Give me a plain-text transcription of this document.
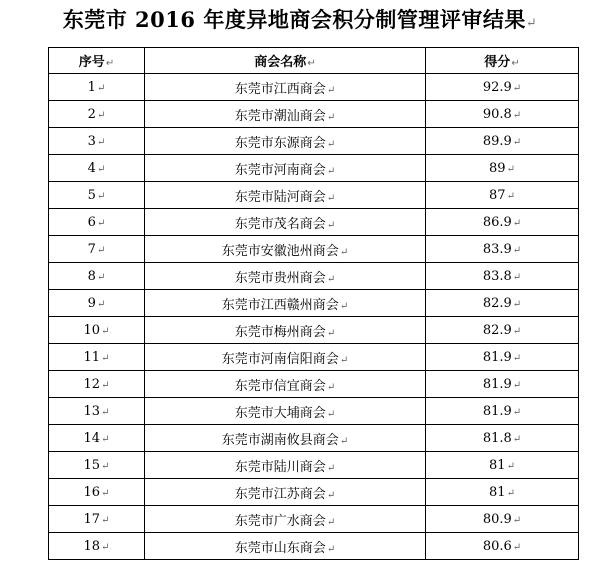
东莞市 2016 年度异地商会积分制管理评审结果↵
序号↵	商会名称↵	得分↵
1↵	东莞市江西商会↵	92.9↵
2↵	东莞市潮汕商会↵	90.8↵
3↵	东莞市东源商会↵	89.9↵
4↵	东莞市河南商会↵	89↵
5↵	东莞市陆河商会↵	87↵
6↵	东莞市茂名商会↵	86.9↵
7↵	东莞市安徽池州商会↵	83.9↵
8↵	东莞市贵州商会↵	83.8↵
9↵	东莞市江西赣州商会↵	82.9↵
10↵	东莞市梅州商会↵	82.9↵
11↵	东莞市河南信阳商会↵	81.9↵
12↵	东莞市信宜商会↵	81.9↵
13↵	东莞市大埔商会↵	81.9↵
14↵	东莞市湖南攸县商会↵	81.8↵
15↵	东莞市陆川商会↵	81↵
16↵	东莞市江苏商会↵	81↵
17↵	东莞市广水商会↵	80.9↵
18↵	东莞市山东商会↵	80.6↵
